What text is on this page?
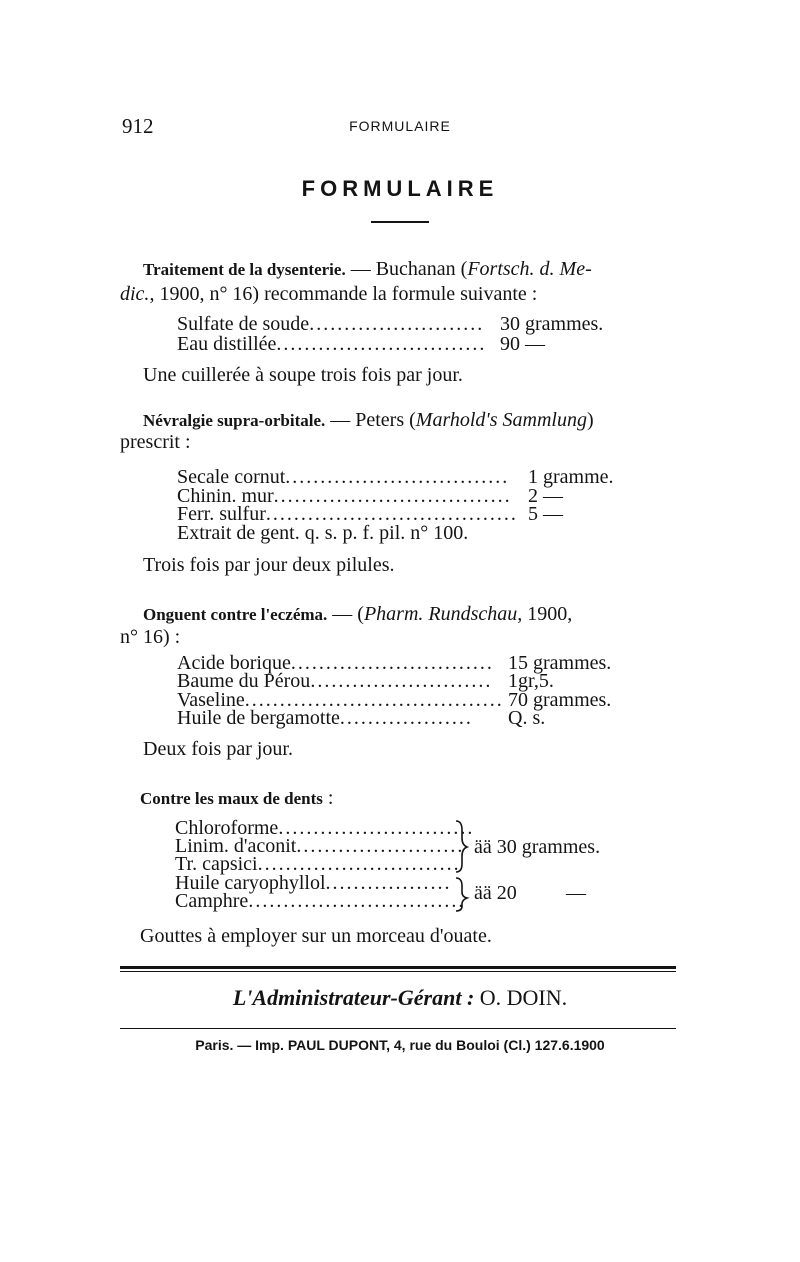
912	FORMULAIRE
FORMULAIRE
Traitement de la dysenterie. — Buchanan (Fortsch. d. Me-
dic., 1900, n° 16) recommande la formule suivante :
Sulfate de soude......................... 30 grammes.
Eau distillée.............................. 90 —
Une cuillerée à soupe trois fois par jour.
Névralgie supra-orbitale. — Peters (Marhold's Sammlung)
prescrit :
Secale cornut................................ 1 gramme.
Chinin. mur.................................. 2 —
Ferr. sulfur.................................... 5 —
Extrait de gent. q. s. p. f. pil. n° 100.
Trois fois par jour deux pilules.
Onguent contre l'eczéma. — (Pharm. Rundschau, 1900,
n° 16) :
Acide borique............................. 15 grammes.
Baume du Pérou.......................... 1gr,5.
Vaseline..................................... 70 grammes.
Huile de bergamotte................... Q. s.
Deux fois par jour.
Contre les maux de dents :
Chloroforme............................
Linim. d'aconit........................
Tr. capsici.............................
Huile caryophyllol..................
Camphre...............................
ää 30 grammes.
ää 20 —
Gouttes à employer sur un morceau d'ouate.
L'Administrateur-Gérant : O. DOIN.
Paris. — Imp. PAUL DUPONT, 4, rue du Bouloi (Cl.) 127.6.1900
